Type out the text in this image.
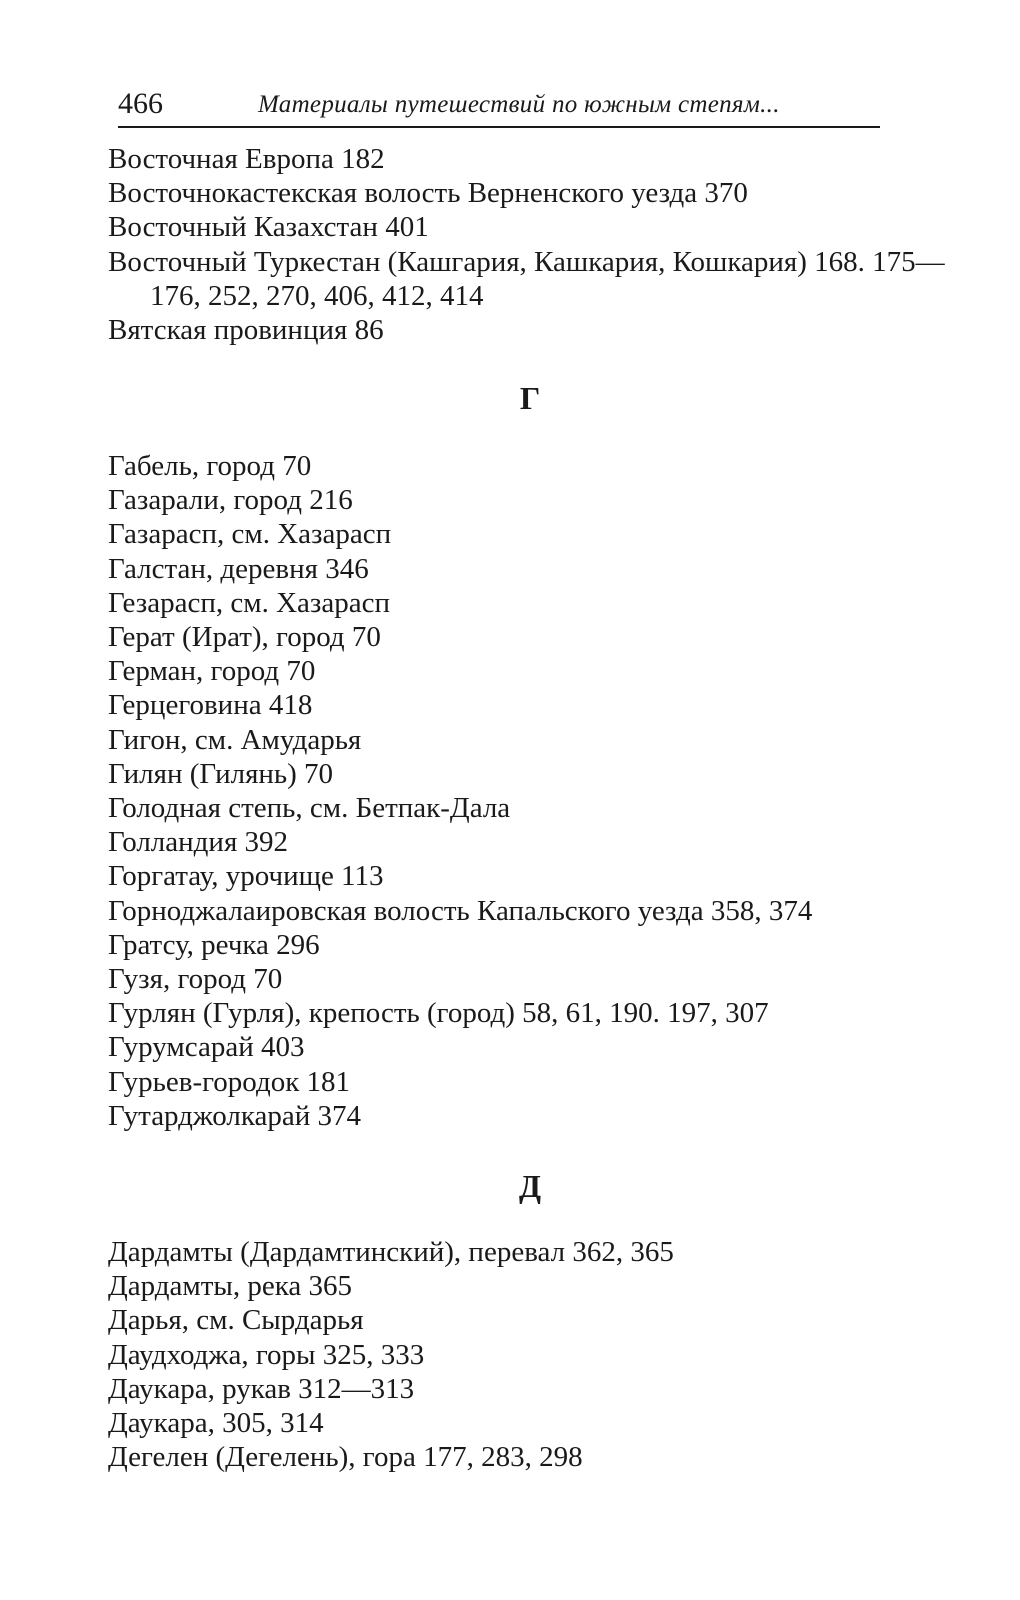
466	Материалы путешествий по южным степям...
Восточная Европа 182
Восточнокастекская волость Верненского уезда 370
Восточный Казахстан 401
Восточный Туркестан (Кашгария, Кашкария, Кошкария) 168. 175—
176, 252, 270, 406, 412, 414
Вятская провинция 86
Г
Габель, город 70
Газарали, город 216
Газарасп, см. Хазарасп
Галстан, деревня 346
Гезарасп, см. Хазарасп
Герат (Ират), город 70
Герман, город 70
Герцеговина 418
Гигон, см. Амударья
Гилян (Гилянь) 70
Голодная степь, см. Бетпак-Дала
Голландия 392
Горгатау, урочище 113
Горноджалаировская волость Капальского уезда 358, 374
Гратсу, речка 296
Гузя, город 70
Гурлян (Гурля), крепость (город) 58, 61, 190. 197, 307
Гурумсарай 403
Гурьев-городок 181
Гутарджолкарай 374
Д
Дардамты (Дардамтинский), перевал 362, 365
Дардамты, река 365
Дарья, см. Сырдарья
Даудходжа, горы 325, 333
Даукара, рукав 312—313
Даукара, 305, 314
Дегелен (Дегелень), гора 177, 283, 298
